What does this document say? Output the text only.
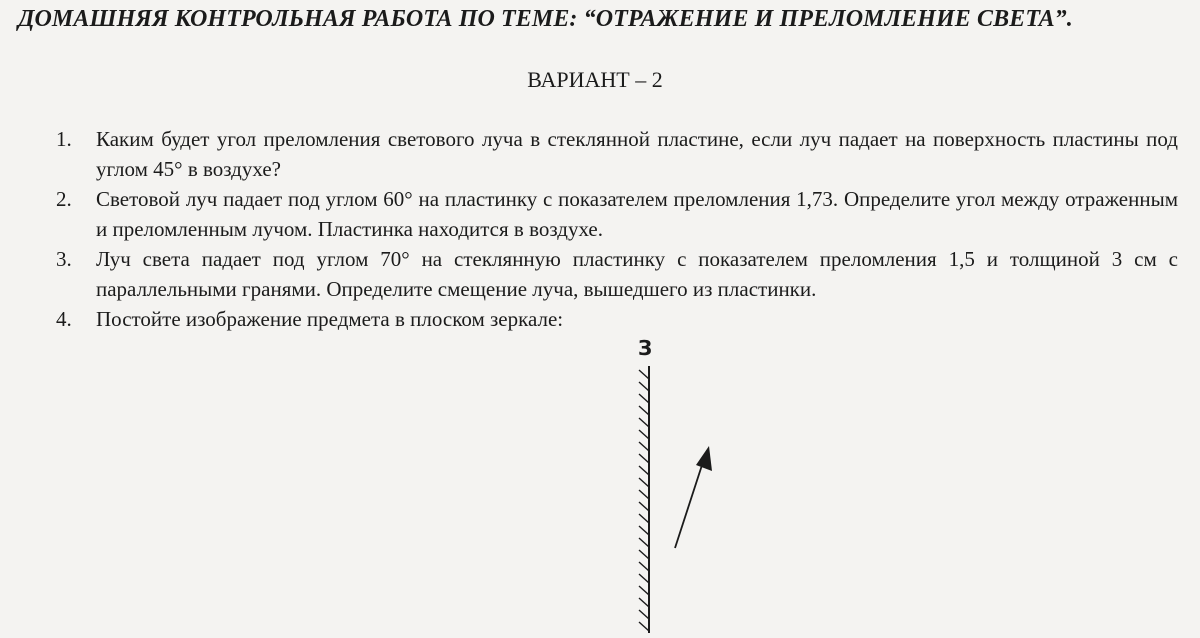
ДОМАШНЯЯ КОНТРОЛЬНАЯ РАБОТА ПО ТЕМЕ: “ОТРАЖЕНИЕ И ПРЕЛОМЛЕНИЕ СВЕТА”.

ВАРИАНТ – 2

1. Каким будет угол преломления светового луча в стеклянной пластине, если луч падает на поверхность пластины под углом 45° в воздухе?
2. Световой луч падает под углом 60° на пластинку с показателем преломления 1,73. Определите угол между отраженным и преломленным лучом. Пластинка находится в воздухе.
3. Луч света падает под углом 70° на стеклянную пластинку с показателем преломления 1,5 и толщиной 3 см с параллельными гранями. Определите смещение луча, вышедшего из пластинки.
4. Постойте изображение предмета в плоском зеркале:
З
